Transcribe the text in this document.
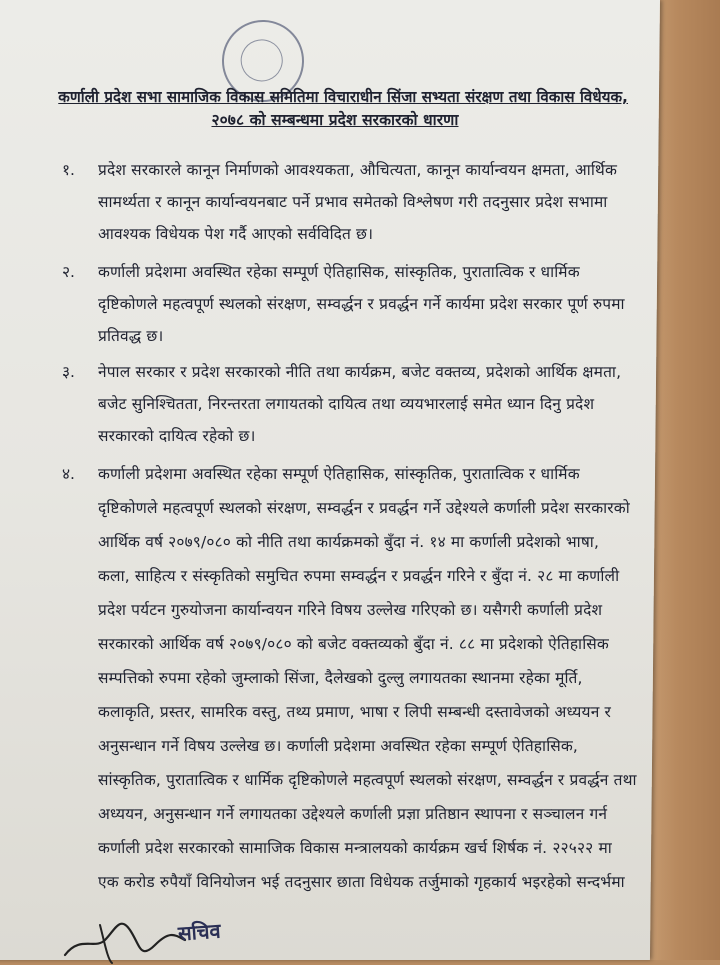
कर्णाली प्रदेश सभा सामाजिक विकास समितिमा विचाराधीन सिंजा सभ्यता संरक्षण तथा विकास विधेयक,
२०७८ को सम्बन्धमा प्रदेश सरकारको धारणा
१. प्रदेश सरकारले कानून निर्माणको आवश्यकता, औचित्यता, कानून कार्यान्वयन क्षमता, आर्थिक
सामर्थ्यता र कानून कार्यान्वयनबाट पर्ने प्रभाव समेतको विश्लेषण गरी तदनुसार प्रदेश सभामा
आवश्यक विधेयक पेश गर्दै आएको सर्वविदित छ।
२. कर्णाली प्रदेशमा अवस्थित रहेका सम्पूर्ण ऐतिहासिक, सांस्कृतिक, पुरातात्विक र धार्मिक
दृष्टिकोणले महत्वपूर्ण स्थलको संरक्षण, सम्वर्द्धन र प्रवर्द्धन गर्ने कार्यमा प्रदेश सरकार पूर्ण रुपमा
प्रतिवद्ध छ।
३. नेपाल सरकार र प्रदेश सरकारको नीति तथा कार्यक्रम, बजेट वक्तव्य, प्रदेशको आर्थिक क्षमता,
बजेट सुनिश्चितता, निरन्तरता लगायतको दायित्व तथा व्ययभारलाई समेत ध्यान दिनु प्रदेश
सरकारको दायित्व रहेको छ।
४. कर्णाली प्रदेशमा अवस्थित रहेका सम्पूर्ण ऐतिहासिक, सांस्कृतिक, पुरातात्विक र धार्मिक
दृष्टिकोणले महत्वपूर्ण स्थलको संरक्षण, सम्वर्द्धन र प्रवर्द्धन गर्ने उद्देश्यले कर्णाली प्रदेश सरकारको
आर्थिक वर्ष २०७९/०८० को नीति तथा कार्यक्रमको बुँदा नं. १४ मा कर्णाली प्रदेशको भाषा,
कला, साहित्य र संस्कृतिको समुचित रुपमा सम्वर्द्धन र प्रवर्द्धन गरिने र बुँदा नं. २८ मा कर्णाली
प्रदेश पर्यटन गुरुयोजना कार्यान्वयन गरिने विषय उल्लेख गरिएको छ। यसैगरी कर्णाली प्रदेश
सरकारको आर्थिक वर्ष २०७९/०८० को बजेट वक्तव्यको बुँदा नं. ८८ मा प्रदेशको ऐतिहासिक
सम्पत्तिको रुपमा रहेको जुम्लाको सिंजा, दैलेखको दुल्लु लगायतका स्थानमा रहेका मूर्ति,
कलाकृति, प्रस्तर, सामरिक वस्तु, तथ्य प्रमाण, भाषा र लिपी सम्बन्धी दस्तावेजको अध्ययन र
अनुसन्धान गर्ने विषय उल्लेख छ। कर्णाली प्रदेशमा अवस्थित रहेका सम्पूर्ण ऐतिहासिक,
सांस्कृतिक, पुरातात्विक र धार्मिक दृष्टिकोणले महत्वपूर्ण स्थलको संरक्षण, सम्वर्द्धन र प्रवर्द्धन तथा
अध्ययन, अनुसन्धान गर्ने लगायतका उद्देश्यले कर्णाली प्रज्ञा प्रतिष्ठान स्थापना र सञ्चालन गर्न
कर्णाली प्रदेश सरकारको सामाजिक विकास मन्त्रालयको कार्यक्रम खर्च शिर्षक नं. २२५२२ मा
एक करोड रुपैयाँ विनियोजन भई तदनुसार छाता विधेयक तर्जुमाको गृहकार्य भइरहेको सन्दर्भमा
सचिव
